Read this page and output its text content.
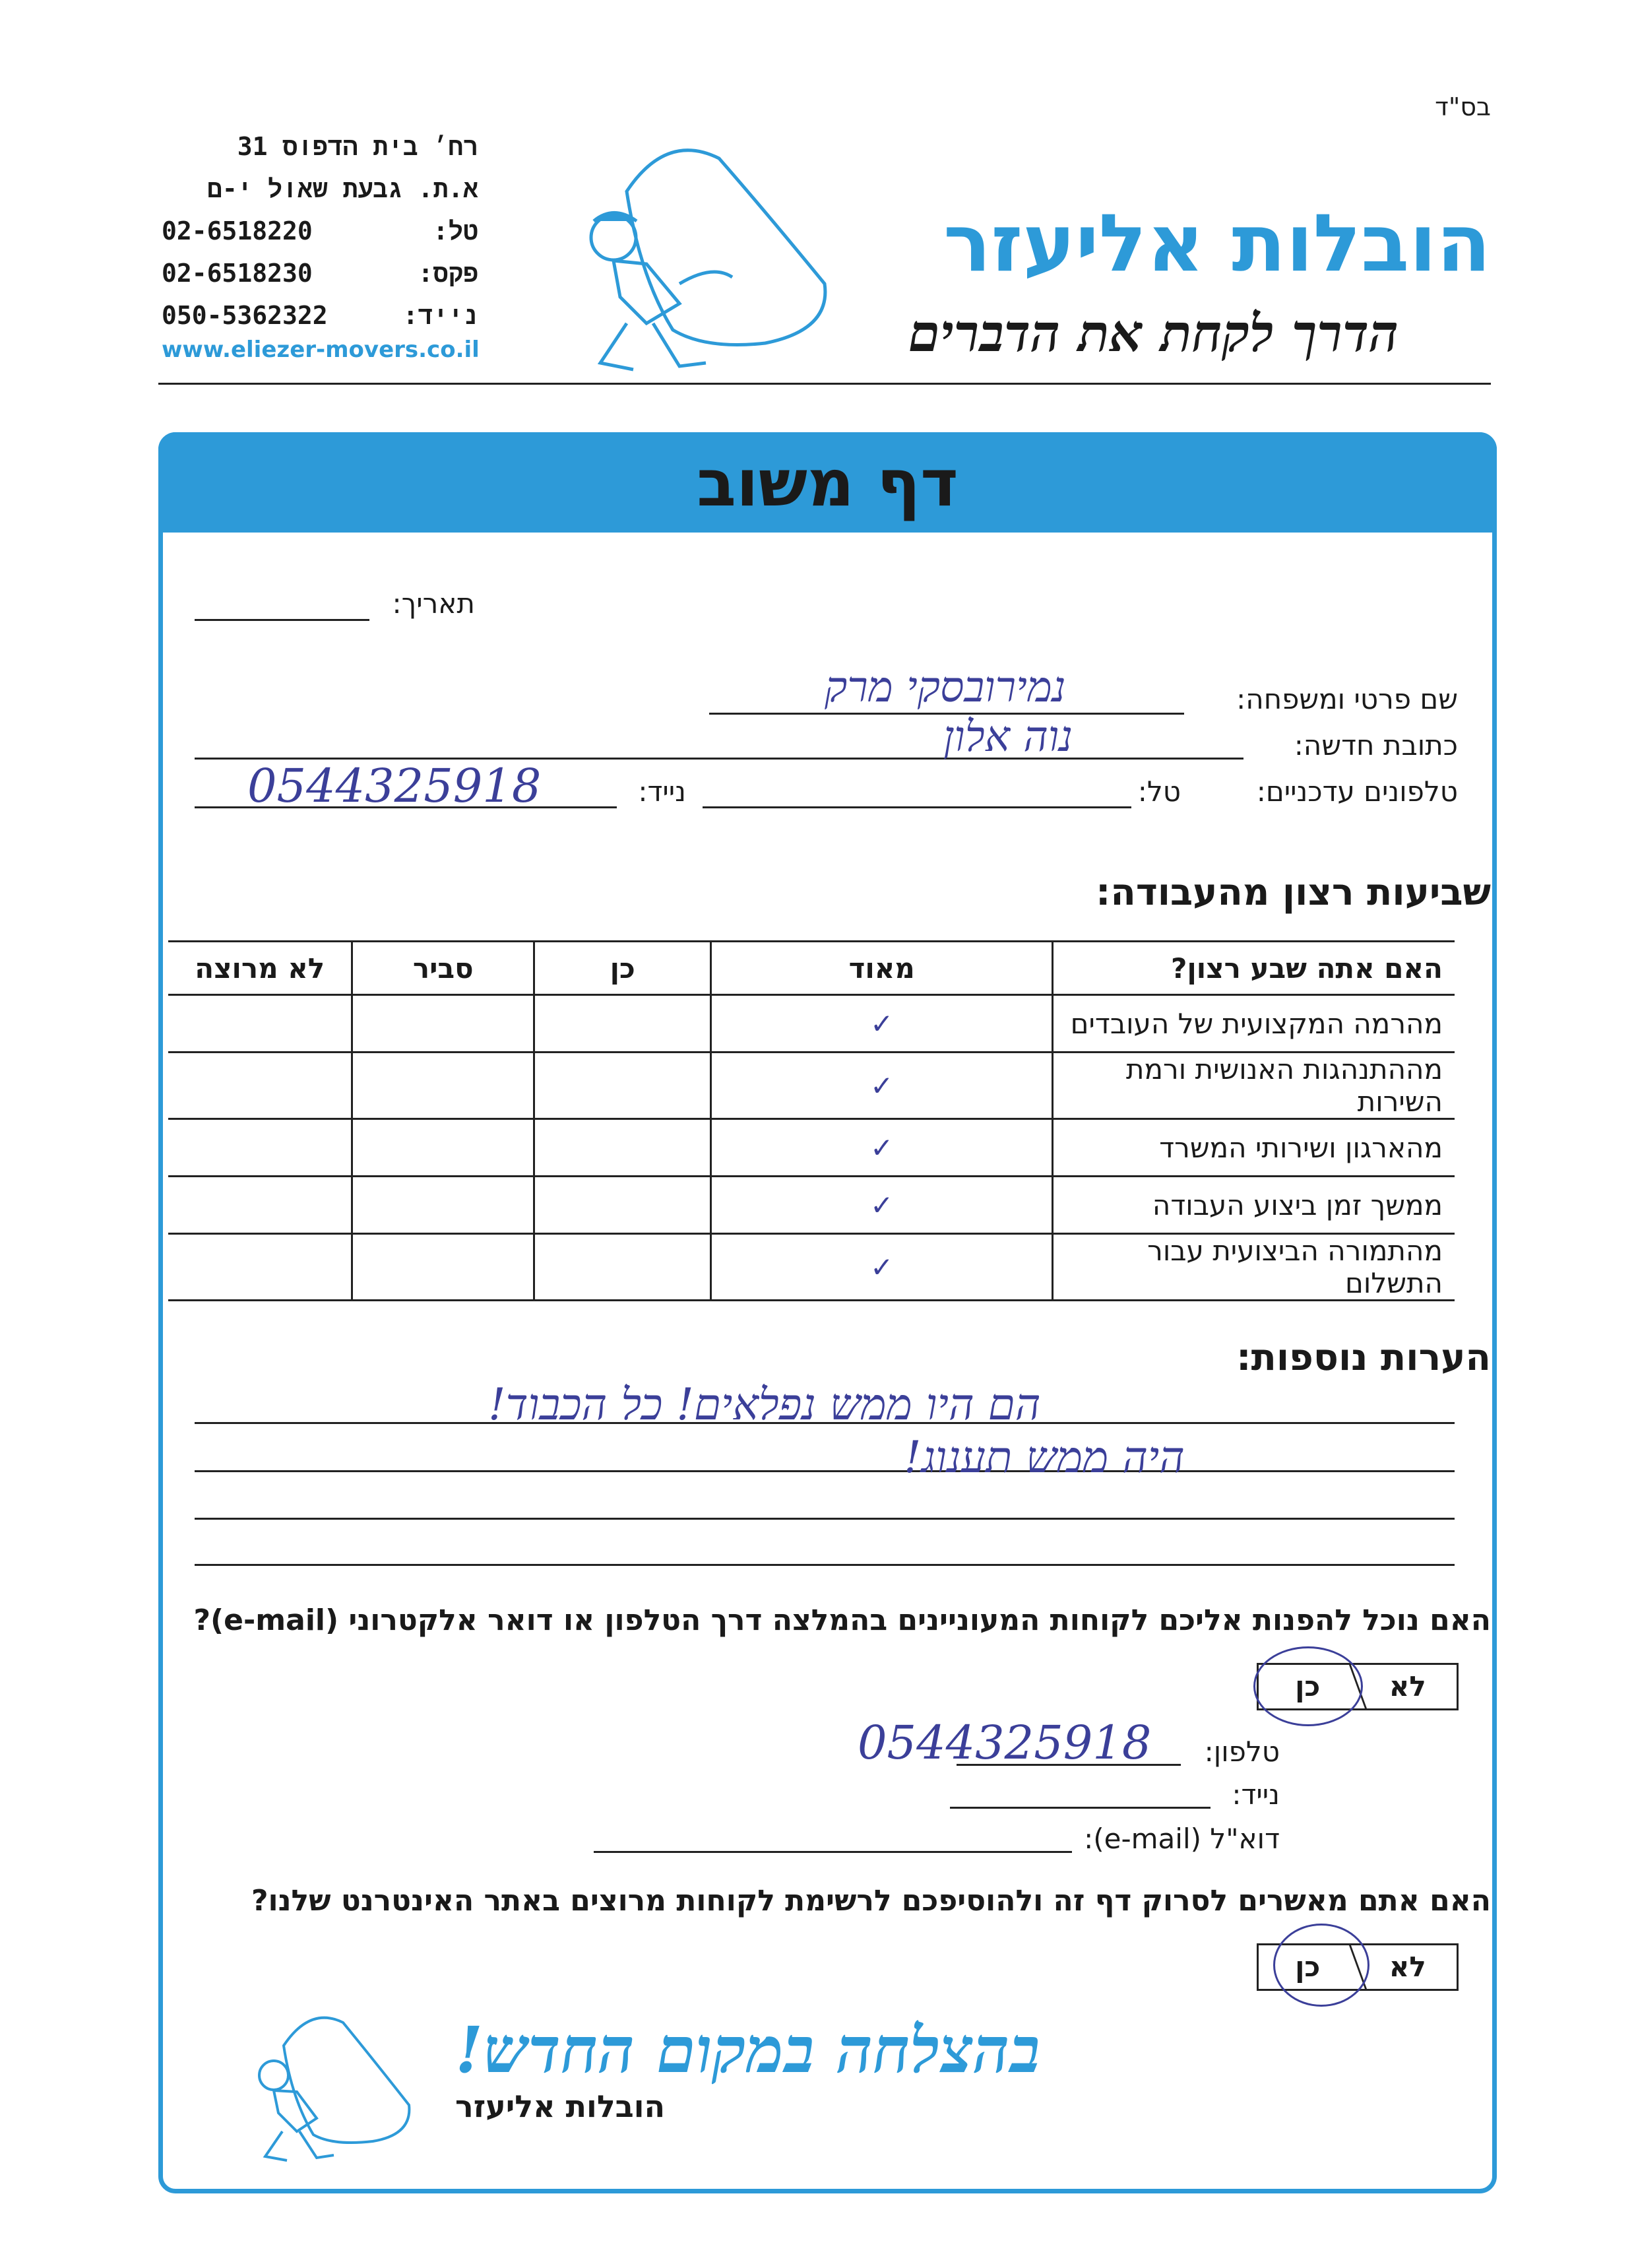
בס"ד
הובלות אליעזר
הדרך לקחת את הדברים
רח׳ בית הדפוס 31
א.ת. גבעת שאול י-ם
טל:
02-6518220
פקס:
02-6518230
נייד:
050-5362322
www.eliezer-movers.co.il
דף משוב
תאריך:
שם פרטי ומשפחה:
נמירובסקי מרק
כתובת חדשה:
נוה אלון
טלפונים עדכניים:
טל:
נייד:
0544325918
שביעות רצון מהעבודה:
האם אתה שבע רצון?	מאוד	כן	סביר	לא מרוצה
מהרמה המקצועית של העובדים	✓			
מההתנהגות האנושית ורמת השירות	✓			
מהארגון ושירותי המשרד	✓			
ממשך זמן ביצוע העבודה	✓			
מהתמורה הביצועית עבור התשלום	✓			
הערות נוספות:
הם היו ממש נפלאים! כל הכבוד!
היה ממש תענוג!
האם נוכל להפנות אליכם לקוחות המעוניינים בהמלצה דרך הטלפון או דואר אלקטרוני (e-mail)?
לא
כן
טלפון:
0544325918
נייד:
דוא"ל (e-mail):
האם אתם מאשרים לסרוק דף זה ולהוסיפכם לרשימת לקוחות מרוצים באתר האינטרנט שלנו?
לא
כן
בהצלחה במקום החדש!
הובלות אליעזר
